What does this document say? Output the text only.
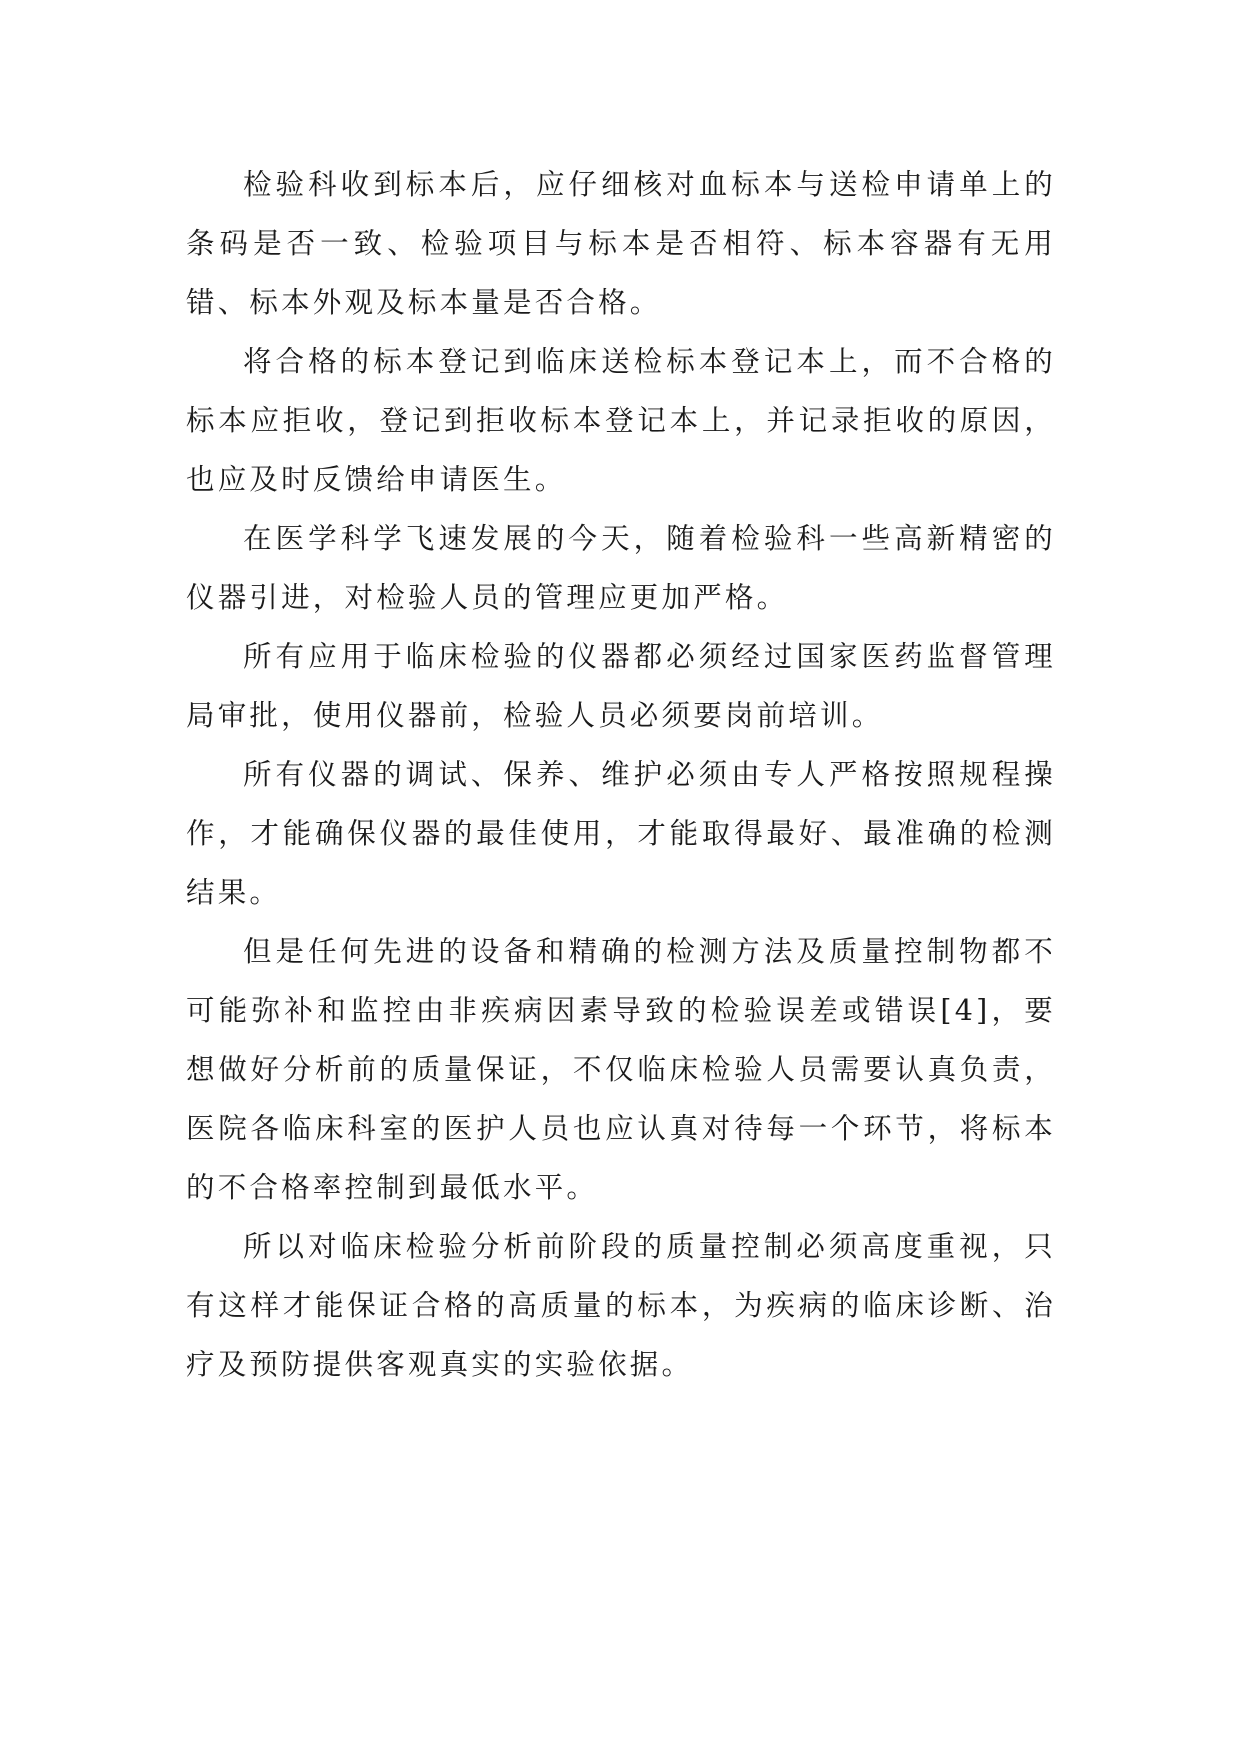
检验科收到标本后，应仔细核对血标本与送检申请单上的条码是否一致、检验项目与标本是否相符、标本容器有无用错、标本外观及标本量是否合格。

将合格的标本登记到临床送检标本登记本上，而不合格的标本应拒收，登记到拒收标本登记本上，并记录拒收的原因，也应及时反馈给申请医生。

在医学科学飞速发展的今天，随着检验科一些高新精密的仪器引进，对检验人员的管理应更加严格。

所有应用于临床检验的仪器都必须经过国家医药监督管理局审批，使用仪器前，检验人员必须要岗前培训。

所有仪器的调试、保养、维护必须由专人严格按照规程操作，才能确保仪器的最佳使用，才能取得最好、最准确的检测结果。

但是任何先进的设备和精确的检测方法及质量控制物都不可能弥补和监控由非疾病因素导致的检验误差或错误[4]，要想做好分析前的质量保证，不仅临床检验人员需要认真负责，医院各临床科室的医护人员也应认真对待每一个环节，将标本的不合格率控制到最低水平。

所以对临床检验分析前阶段的质量控制必须高度重视，只有这样才能保证合格的高质量的标本，为疾病的临床诊断、治疗及预防提供客观真实的实验依据。
